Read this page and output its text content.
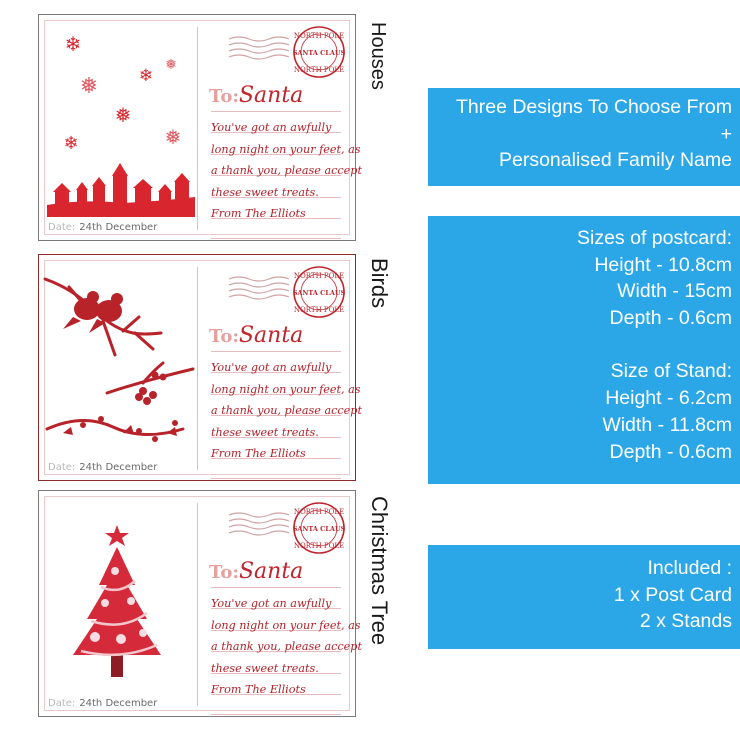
❄
❅ ❄
❅
❅
❄	❅
NORTH POLE
SANTA CLAUS
NORTH POLE
To:Santa
You've got an awfully
long night on your feet, as
a thank you, please accept
these sweet treats.
From The Elliots
Date: 24th December
Houses
NORTH POLE
SANTA CLAUS
NORTH POLE
To:Santa
You've got an awfully
long night on your feet, as
a thank you, please accept
these sweet treats.
From The Elliots
Date: 24th December
Birds
NORTH POLE
SANTA CLAUS
NORTH POLE
To:Santa
You've got an awfully
long night on your feet, as
a thank you, please accept
these sweet treats.
From The Elliots
Date: 24th December
Christmas Tree
Three Designs To Choose From
+
Personalised Family Name
Sizes of postcard:
Height - 10.8cm
Width - 15cm
Depth - 0.6cm
Size of Stand:
Height - 6.2cm
Width - 11.8cm
Depth - 0.6cm
Included :
1 x Post Card
2 x Stands
